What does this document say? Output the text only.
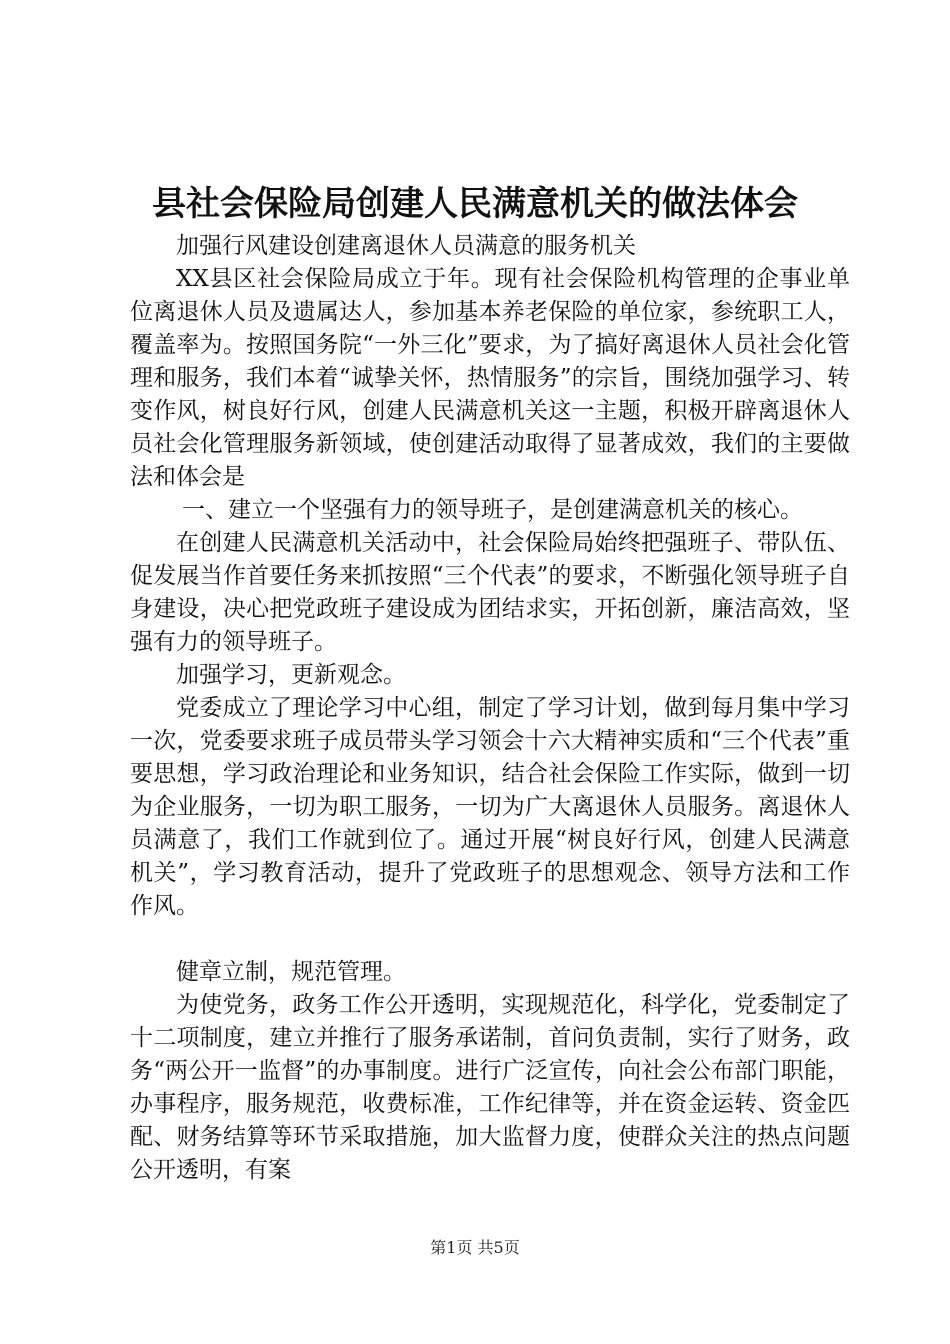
县社会保险局创建人民满意机关的做法体会

加强行风建设创建离退休人员满意的服务机关

XX县区社会保险局成立于年。现有社会保险机构管理的企事业单位离退休人员及遗属达人，参加基本养老保险的单位家，参统职工人，覆盖率为。按照国务院“一外三化”要求，为了搞好离退休人员社会化管理和服务，我们本着“诚挚关怀，热情服务”的宗旨，围绕加强学习、转变作风，树良好行风，创建人民满意机关这一主题，积极开辟离退休人员社会化管理服务新领域，使创建活动取得了显著成效，我们的主要做法和体会是

一、建立一个坚强有力的领导班子，是创建满意机关的核心。

在创建人民满意机关活动中，社会保险局始终把强班子、带队伍、促发展当作首要任务来抓按照“三个代表”的要求，不断强化领导班子自身建设，决心把党政班子建设成为团结求实，开拓创新，廉洁高效，坚强有力的领导班子。

加强学习，更新观念。

党委成立了理论学习中心组，制定了学习计划，做到每月集中学习一次，党委要求班子成员带头学习领会十六大精神实质和“三个代表”重要思想，学习政治理论和业务知识，结合社会保险工作实际，做到一切为企业服务，一切为职工服务，一切为广大离退休人员服务。离退休人员满意了，我们工作就到位了。通过开展“树良好行风，创建人民满意机关”，学习教育活动，提升了党政班子的思想观念、领导方法和工作作风。

健章立制，规范管理。

为使党务，政务工作公开透明，实现规范化，科学化，党委制定了十二项制度，建立并推行了服务承诺制，首问负责制，实行了财务，政务“两公开一监督”的办事制度。进行广泛宣传，向社会公布部门职能，办事程序，服务规范，收费标准，工作纪律等，并在资金运转、资金匹配、财务结算等环节采取措施，加大监督力度，使群众关注的热点问题公开透明，有案

第1页 共5页
